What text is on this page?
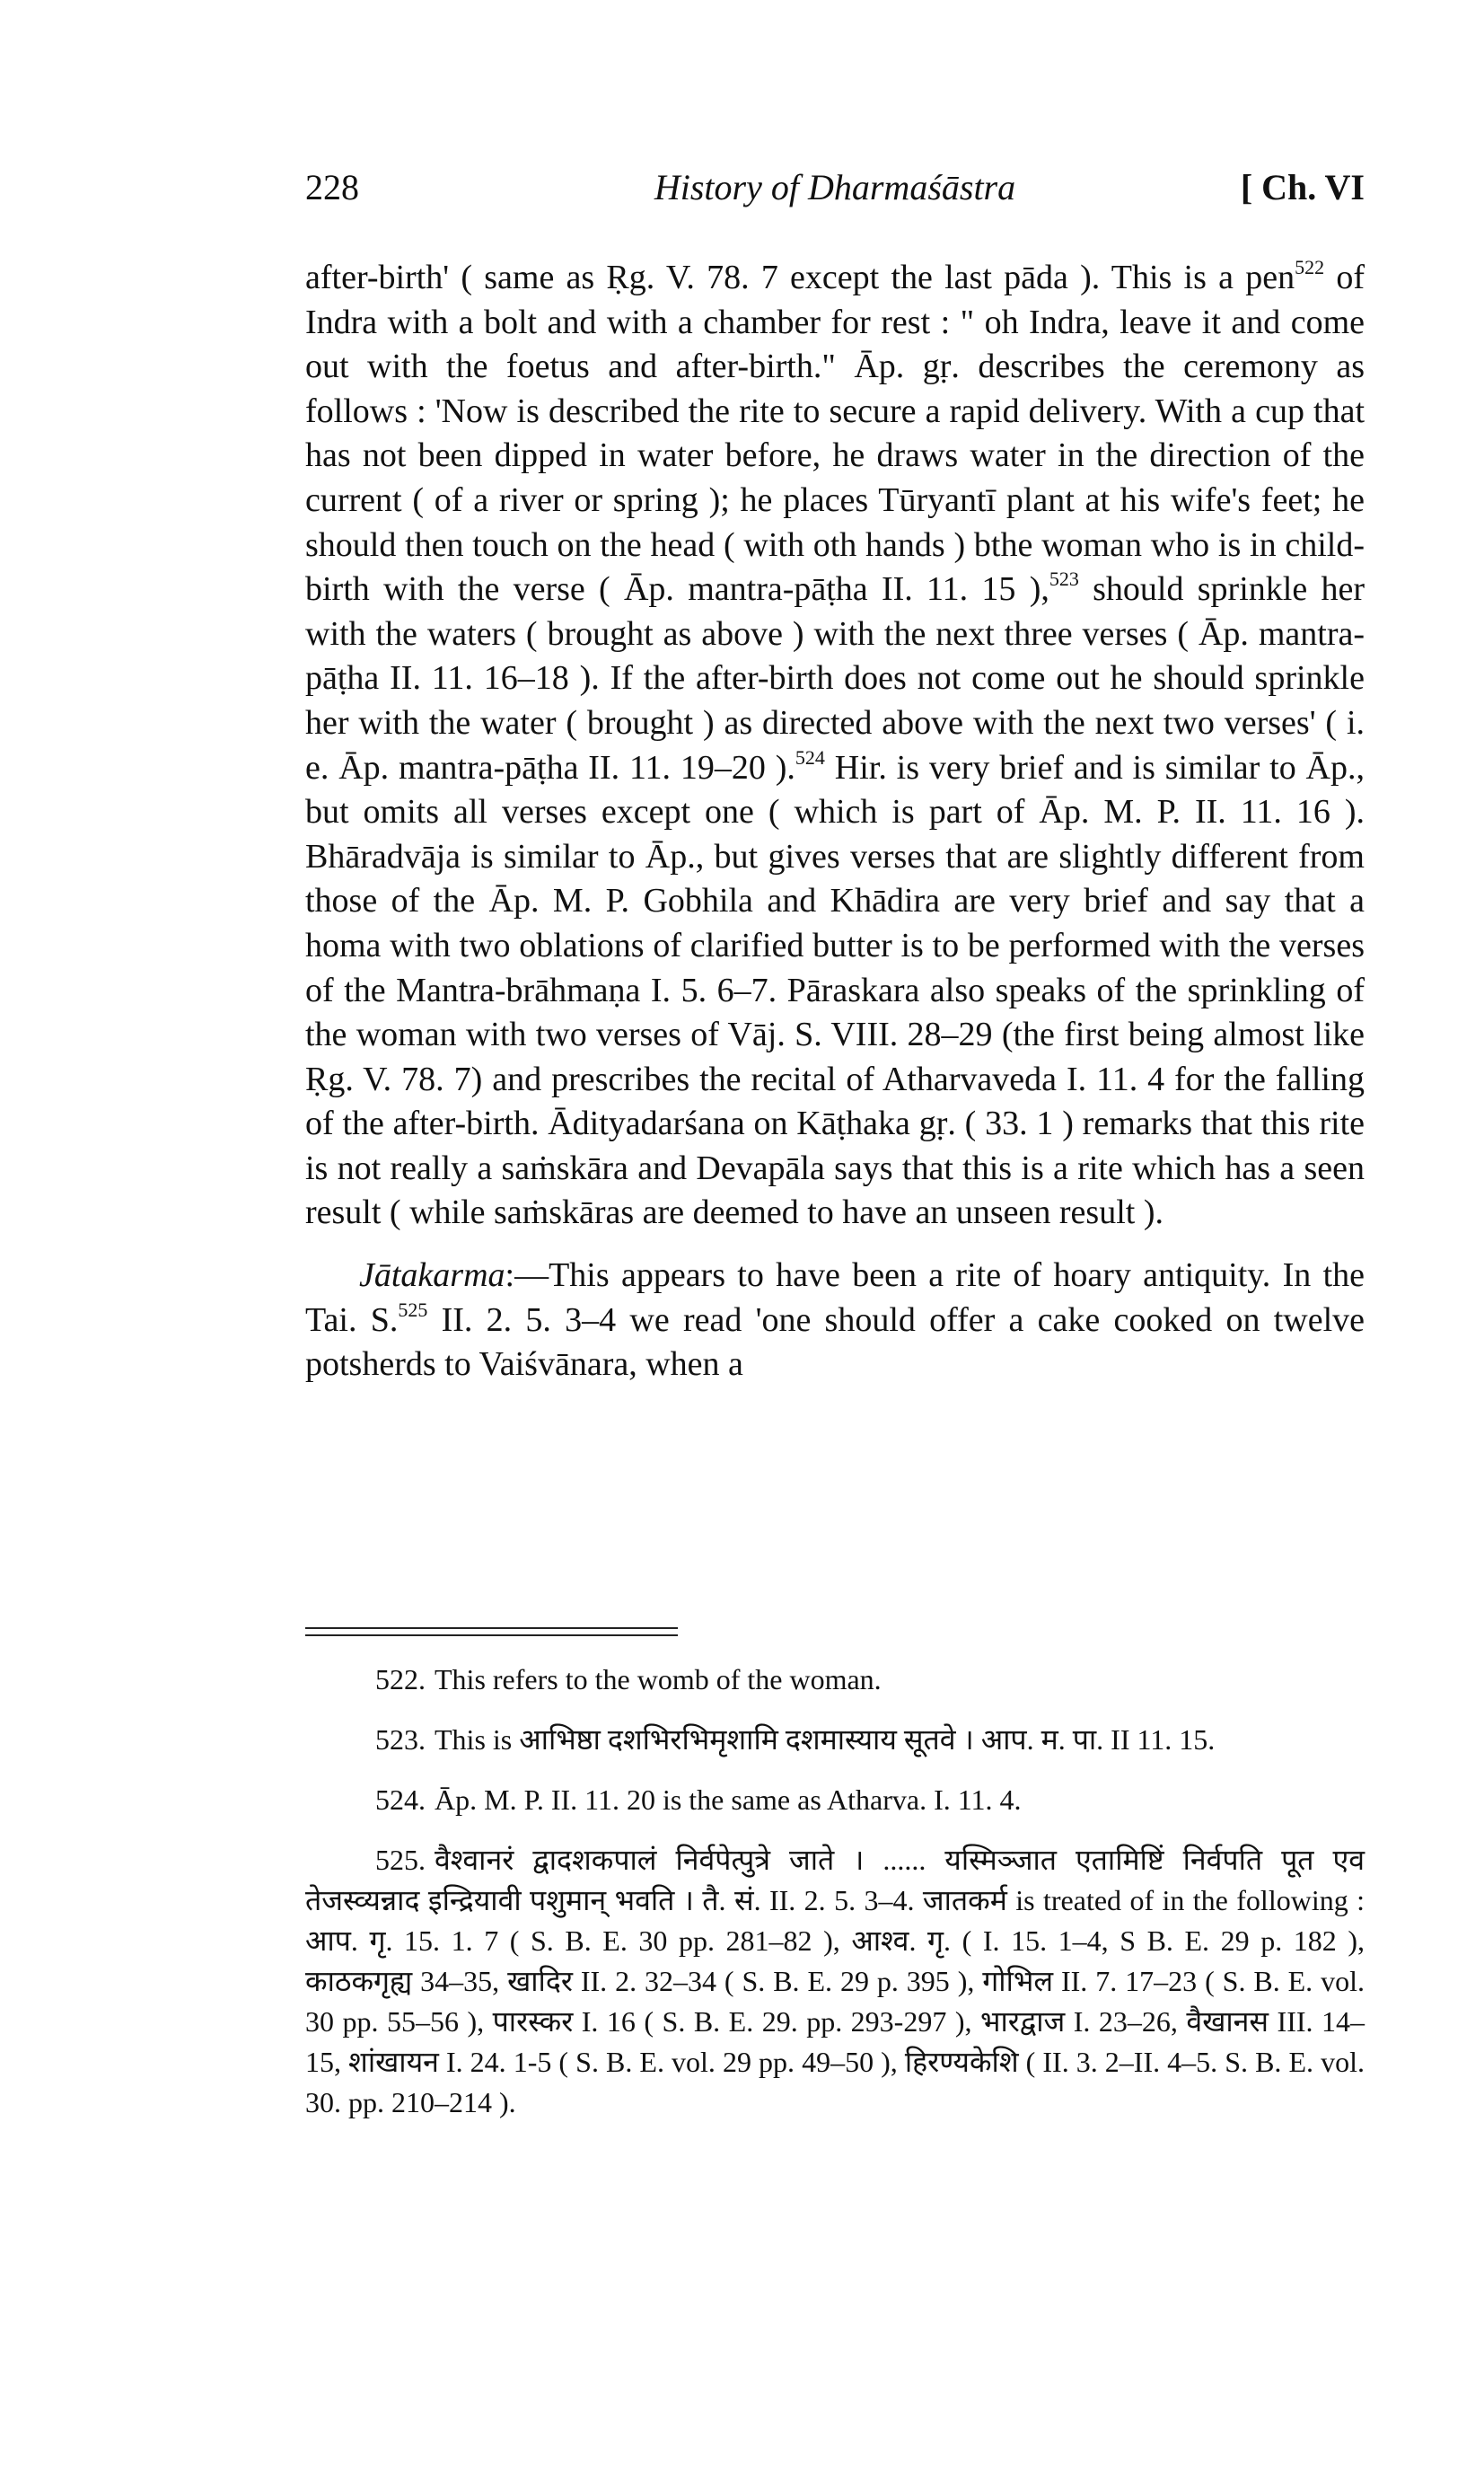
228	History of Dharmaśāstra	[ Ch. VI

after-birth' ( same as Ṛg. V. 78. 7 except the last pāda ). This is a pen$^{522}$ of Indra with a bolt and with a chamber for rest : " oh Indra, leave it and come out with the foetus and after-birth." Āp. gṛ. describes the ceremony as follows : 'Now is described the rite to secure a rapid delivery. With a cup that has not been dipped in water before, he draws water in the direction of the current ( of a river or spring ); he places Tūryantī plant at his wife's feet; he should then touch on the head ( with oth hands ) bthe woman who is in child-birth with the verse ( Āp. mantra-pāṭha II. 11. 15 ),$^{523}$ should sprinkle her with the waters ( brought as above ) with the next three verses ( Āp. mantra-pāṭha II. 11. 16–18 ). If the after-birth does not come out he should sprinkle her with the water ( brought ) as directed above with the next two verses' ( i. e. Āp. mantra-pāṭha II. 11. 19–20 ).$^{524}$ Hir. is very brief and is similar to Āp., but omits all verses except one ( which is part of Āp. M. P. II. 11. 16 ). Bhāradvāja is similar to Āp., but gives verses that are slightly different from those of the Āp. M. P. Gobhila and Khādira are very brief and say that a homa with two oblations of clarified butter is to be performed with the verses of the Mantra-brāhmaṇa I. 5. 6–7. Pāraskara also speaks of the sprinkling of the woman with two verses of Vāj. S. VIII. 28–29 (the first being almost like Ṛg. V. 78. 7) and prescribes the recital of Atharvaveda I. 11. 4 for the falling of the after-birth. Ādityadarśana on Kāṭhaka gṛ. ( 33. 1 ) remarks that this rite is not really a saṁskāra and Devapāla says that this is a rite which has a seen result ( while saṁskāras are deemed to have an unseen result ).

Jātakarma:—This appears to have been a rite of hoary antiquity. In the Tai. S.$^{525}$ II. 2. 5. 3–4 we read 'one should offer a cake cooked on twelve potsherds to Vaiśvānara, when a

522. This refers to the womb of the woman.

523. This is आभिष्ठा दशभिरभिमृशामि दशमास्याय सूतवे । आप. म. पा. II 11. 15.

524. Āp. M. P. II. 11. 20 is the same as Atharva. I. 11. 4.

525. वैश्वानरं द्वादशकपालं निर्वपेत्पुत्रे जाते । ...... यस्मिञ्जात एतामिष्टिं निर्वपति पूत एव तेजस्व्यन्नाद इन्द्रियावी पशुमान् भवति । तै. सं. II. 2. 5. 3–4. जातकर्म is treated of in the following : आप. गृ. 15. 1. 7 ( S. B. E. 30 pp. 281–82 ), आश्व. गृ. ( I. 15. 1–4, S B. E. 29 p. 182 ), काठकगृह्य 34–35, खादिर II. 2. 32–34 ( S. B. E. 29 p. 395 ), गोभिल II. 7. 17–23 ( S. B. E. vol. 30 pp. 55–56 ), पारस्कर I. 16 ( S. B. E. 29. pp. 293-297 ), भारद्वाज I. 23–26, वैखानस III. 14–15, शांखायन I. 24. 1-5 ( S. B. E. vol. 29 pp. 49–50 ), हिरण्यकेशि ( II. 3. 2–II. 4–5. S. B. E. vol. 30. pp. 210–214 ).
